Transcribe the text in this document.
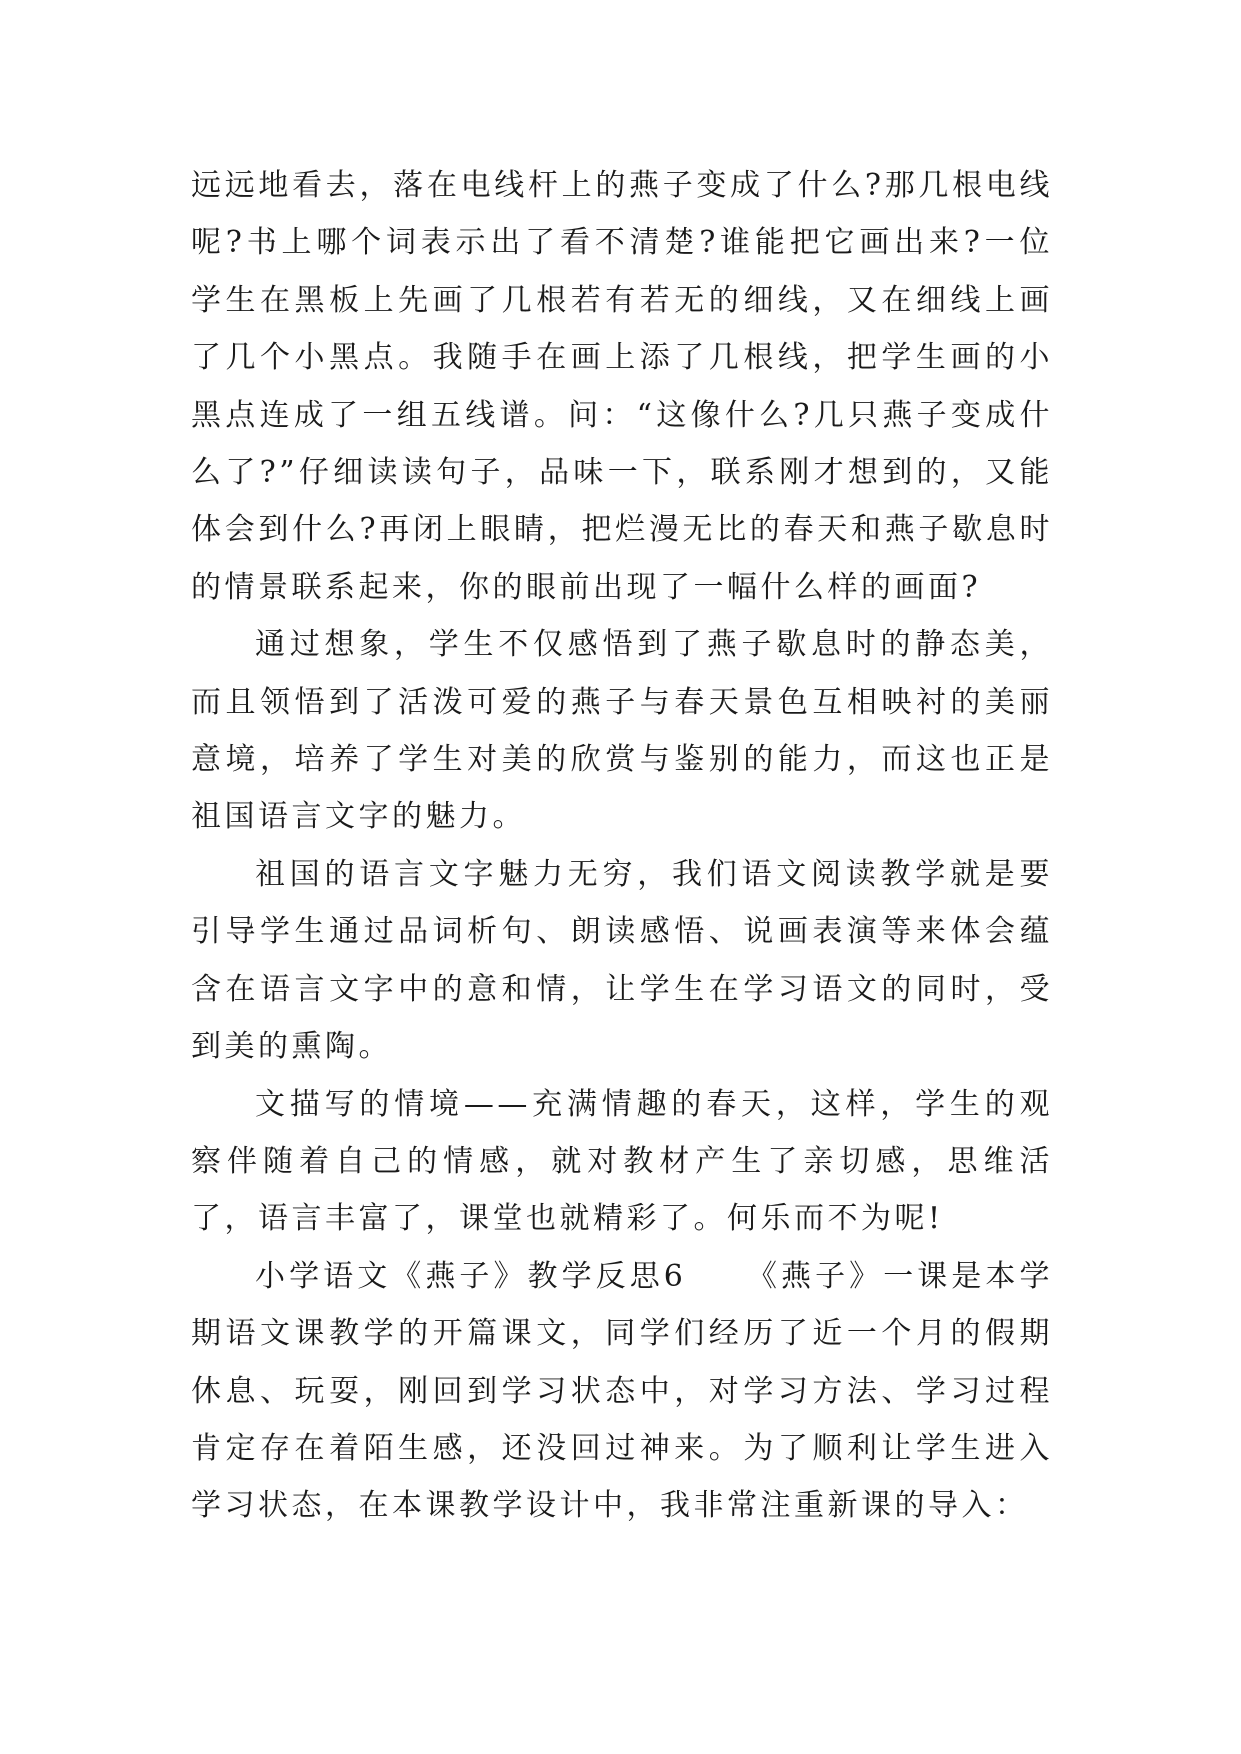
远远地看去，落在电线杆上的燕子变成了什么?那几根电线呢?书上哪个词表示出了看不清楚?谁能把它画出来?一位学生在黑板上先画了几根若有若无的细线，又在细线上画了几个小黑点。我随手在画上添了几根线，把学生画的小黑点连成了一组五线谱。问：“这像什么?几只燕子变成什么了?”仔细读读句子，品味一下，联系刚才想到的，又能体会到什么?再闭上眼睛，把烂漫无比的春天和燕子歇息时的情景联系起来，你的眼前出现了一幅什么样的画面?

通过想象，学生不仅感悟到了燕子歇息时的静态美，而且领悟到了活泼可爱的燕子与春天景色互相映衬的美丽意境，培养了学生对美的欣赏与鉴别的能力，而这也正是祖国语言文字的魅力。

祖国的语言文字魅力无穷，我们语文阅读教学就是要引导学生通过品词析句、朗读感悟、说画表演等来体会蕴含在语言文字中的意和情，让学生在学习语文的同时，受到美的熏陶。

文描写的情境——充满情趣的春天，这样，学生的观察伴随着自己的情感，就对教材产生了亲切感，思维活了，语言丰富了，课堂也就精彩了。何乐而不为呢!

小学语文《燕子》教学反思6 《燕子》一课是本学期语文课教学的开篇课文，同学们经历了近一个月的假期休息、玩耍，刚回到学习状态中，对学习方法、学习过程肯定存在着陌生感，还没回过神来。为了顺利让学生进入学习状态，在本课教学设计中，我非常注重新课的导入：
